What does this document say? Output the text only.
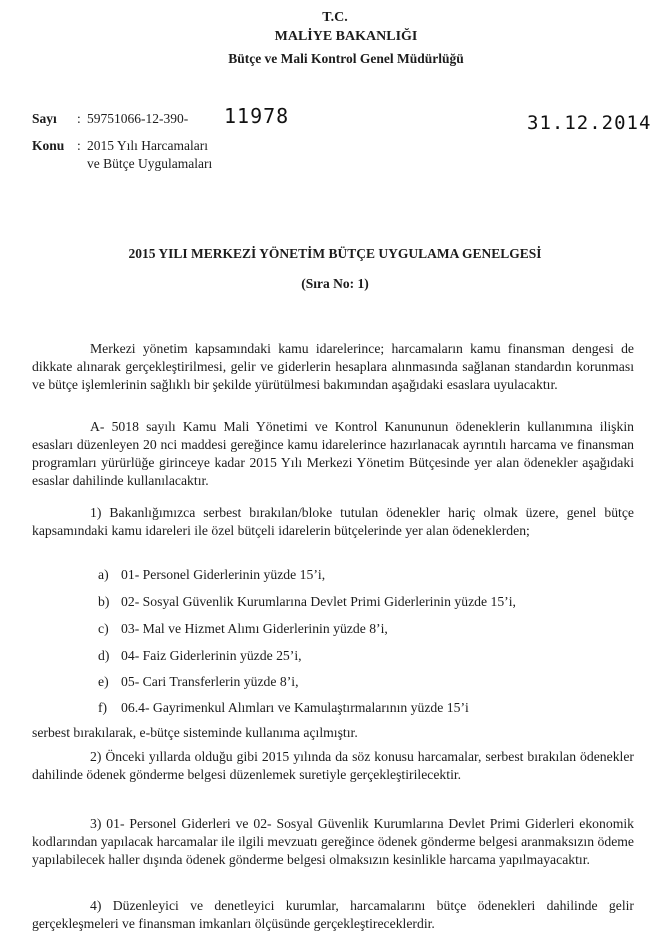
T.C.
MALİYE BAKANLIĞI
Bütçe ve Mali Kontrol Genel Müdürlüğü
Sayı : 59751066-12-390- 11978	31.12.2014
Konu : 2015 Yılı Harcamaları
ve Bütçe Uygulamaları
2015 YILI MERKEZİ YÖNETİM BÜTÇE UYGULAMA GENELGESİ
(Sıra No: 1)
Merkezi yönetim kapsamındaki kamu idarelerince; harcamaların kamu finansman dengesi de dikkate alınarak gerçekleştirilmesi, gelir ve giderlerin hesaplara alınmasında sağlanan standardın korunması ve bütçe işlemlerinin sağlıklı bir şekilde yürütülmesi bakımından aşağıdaki esaslara uyulacaktır.
A- 5018 sayılı Kamu Mali Yönetimi ve Kontrol Kanununun ödeneklerin kullanımına ilişkin esasları düzenleyen 20 nci maddesi gereğince kamu idarelerince hazırlanacak ayrıntılı harcama ve finansman programları yürürlüğe girinceye kadar 2015 Yılı Merkezi Yönetim Bütçesinde yer alan ödenekler aşağıdaki esaslar dahilinde kullanılacaktır.
1) Bakanlığımızca serbest bırakılan/bloke tutulan ödenekler hariç olmak üzere, genel bütçe kapsamındaki kamu idareleri ile özel bütçeli idarelerin bütçelerinde yer alan ödeneklerden;
a) 01- Personel Giderlerinin yüzde 15’i,
b) 02- Sosyal Güvenlik Kurumlarına Devlet Primi Giderlerinin yüzde 15’i,
c) 03- Mal ve Hizmet Alımı Giderlerinin yüzde 8’i,
d) 04- Faiz Giderlerinin yüzde 25’i,
e) 05- Cari Transferlerin yüzde 8’i,
f) 06.4- Gayrimenkul Alımları ve Kamulaştırmalarının yüzde 15’i
serbest bırakılarak, e-bütçe sisteminde kullanıma açılmıştır.
2) Önceki yıllarda olduğu gibi 2015 yılında da söz konusu harcamalar, serbest bırakılan ödenekler dahilinde ödenek gönderme belgesi düzenlemek suretiyle gerçekleştirilecektir.
3) 01- Personel Giderleri ve 02- Sosyal Güvenlik Kurumlarına Devlet Primi Giderleri ekonomik kodlarından yapılacak harcamalar ile ilgili mevzuatı gereğince ödenek gönderme belgesi aranmaksızın ödeme yapılabilecek haller dışında ödenek gönderme belgesi olmaksızın kesinlikle harcama yapılmayacaktır.
4) Düzenleyici ve denetleyici kurumlar, harcamalarını bütçe ödenekleri dahilinde gelir gerçekleşmeleri ve finansman imkanları ölçüsünde gerçekleştireceklerdir.
